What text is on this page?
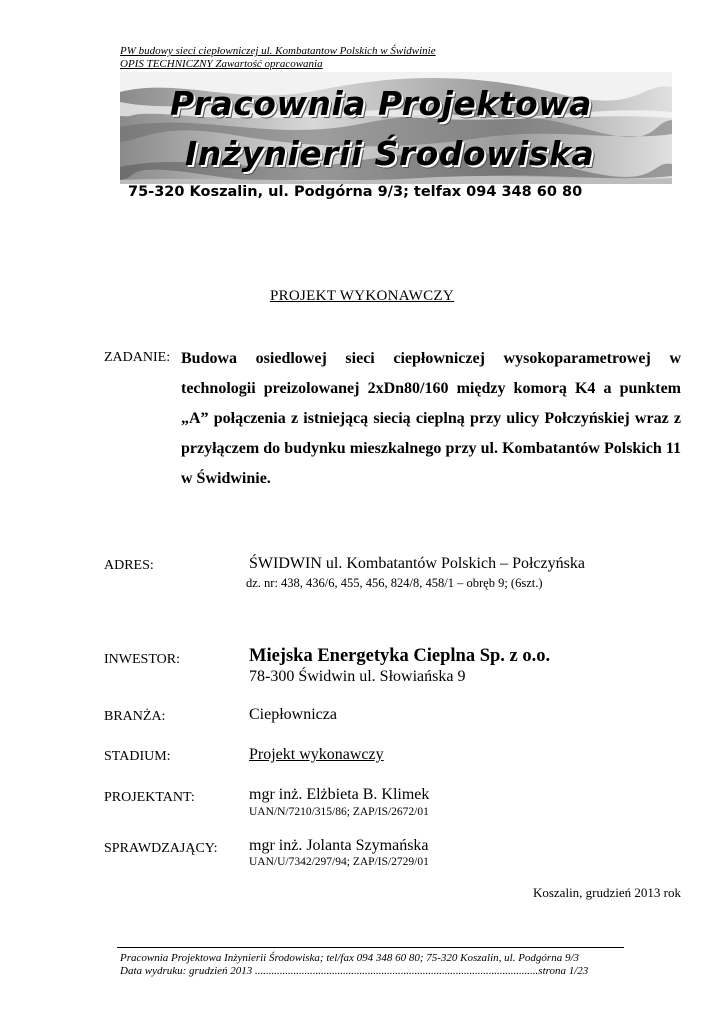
PW budowy sieci ciepłowniczej ul. Kombatantow Polskich w Świdwinie
OPIS TECHNICZNY Zawartość opracowania
Pracownia Projektowa
Inżynierii Środowiska
75-320 Koszalin, ul. Podgórna 9/3; telfax 094 348 60 80
PROJEKT WYKONAWCZY
ZADANIE: Budowa osiedlowej sieci ciepłowniczej wysokoparametrowej w technologii preizolowanej 2xDn80/160 między komorą K4 a punktem „A” połączenia z istniejącą siecią cieplną przy ulicy Połczyńskiej wraz z przyłączem do budynku mieszkalnego przy ul. Kombatantów Polskich 11 w Świdwinie.
ADRES:	ŚWIDWIN ul. Kombatantów Polskich – Połczyńska
dz. nr: 438, 436/6, 455, 456, 824/8, 458/1 – obręb 9; (6szt.)
INWESTOR:	Miejska Energetyka Cieplna Sp. z o.o.
78-300 Świdwin ul. Słowiańska 9
BRANŻA:	Ciepłownicza
STADIUM:	Projekt wykonawczy
PROJEKTANT:	mgr inż. Elżbieta B. Klimek
UAN/N/7210/315/86; ZAP/IS/2672/01
SPRAWDZAJĄCY: mgr inż. Jolanta Szymańska
UAN/U/7342/297/94; ZAP/IS/2729/01
Koszalin, grudzień 2013 rok
Pracownia Projektowa Inżynierii Środowiska; tel/fax 094 348 60 80; 75-320 Koszalin, ul. Podgórna 9/3
Data wydruku: grudzień 2013 .......................................................................................................strona 1/23
